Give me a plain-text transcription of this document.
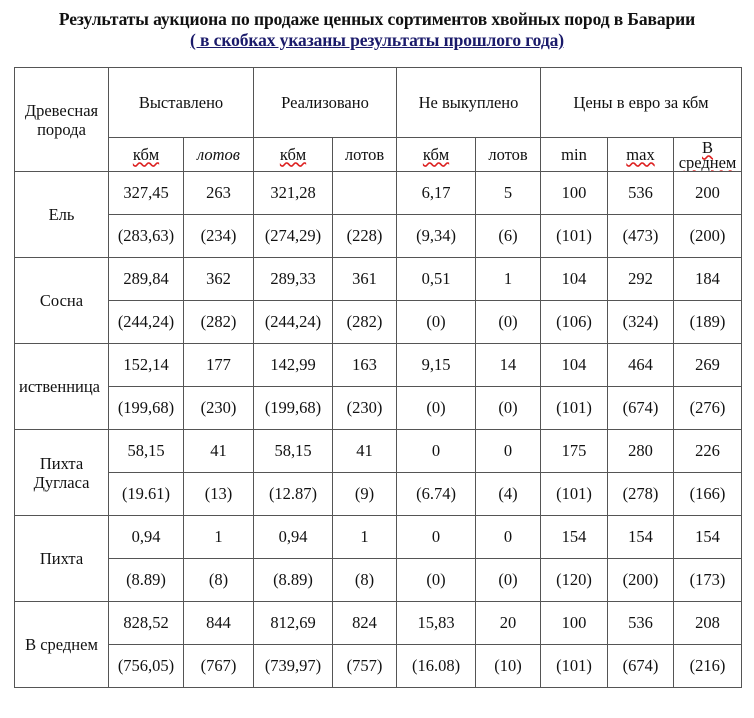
Результаты аукциона по продаже ценных сортиментов хвойных пород в Баварии
( в скобках указаны результаты прошлого года)
Древесная порода	Выставлено		Реализовано		Не выкуплено		Цены в евро за кбм		
	кбм	лотов	кбм	лотов	кбм	лотов	min	max	В среднем
Ель	327,45	263	321,28		6,17	5	100	536	200
	(283,63)	(234)	(274,29)	(228)	(9,34)	(6)	(101)	(473)	(200)
Сосна	289,84	362	289,33	361	0,51	1	104	292	184
	(244,24)	(282)	(244,24)	(282)	(0)	(0)	(106)	(324)	(189)

иственница	152,14	177	142,99	163	9,15	14	104	464	269
	(199,68)	(230)	(199,68)	(230)	(0)	(0)	(101)	(674)	(276)
Пихта Дугласа	58,15	41	58,15	41	0	0	175	280	226
	(19.61)	(13)	(12.87)	(9)	(6.74)	(4)	(101)	(278)	(166)
Пихта	0,94	1	0,94	1	0	0	154	154	154
	(8.89)	(8)	(8.89)	(8)	(0)	(0)	(120)	(200)	(173)
В среднем	828,52	844	812,69	824	15,83	20	100	536	208
	(756,05)	(767)	(739,97)	(757)	(16.08)	(10)	(101)	(674)	(216)
